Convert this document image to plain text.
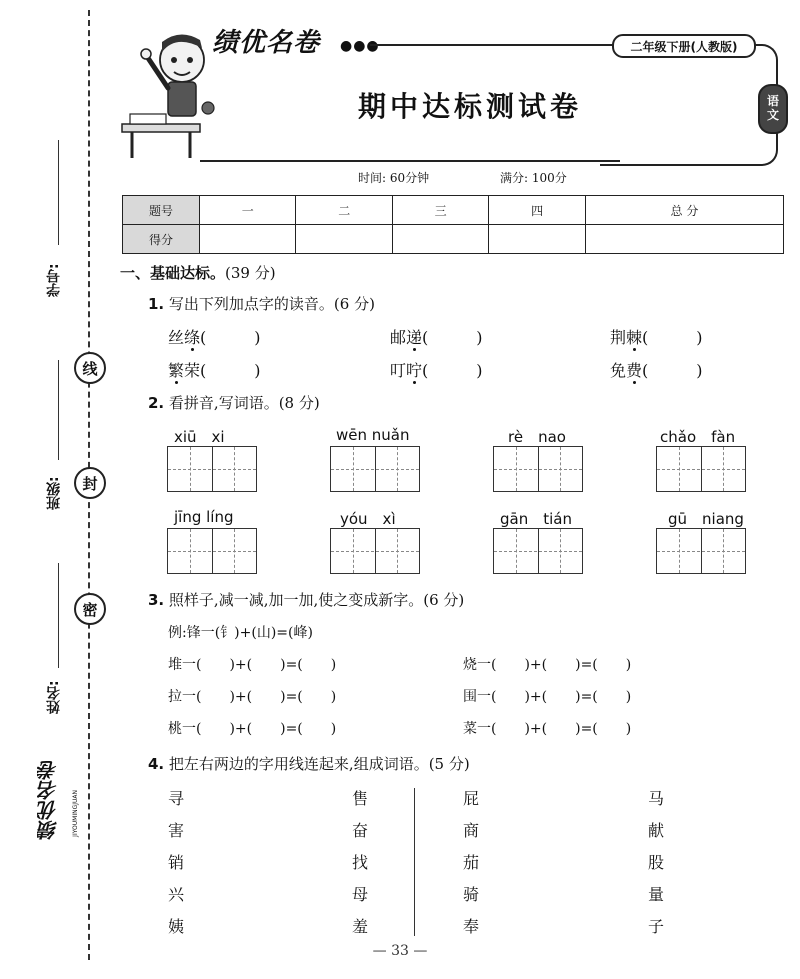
线
封
密
学号:
班级:
姓名:
绩优名卷	JIYOUMINGJUAN
绩优名卷 ●●●	二年级下册(人教版)
语
文
期中达标测试卷
时间: 60分钟	满分: 100分
题号	一	二	三	四	总 分
得分					
一、基础达标。(39 分)
1. 写出下列加点字的读音。(6 分)
丝绦(　　　)	邮递(　　　)	荆棘(　　　)
繁荣(　　　)	叮咛(　　　)	免费(　　　)
2. 看拼音,写词语。(8 分)
xiū　xi	wēn nuǎn	rè　nao	chǎo　fàn
jīng líng	yóu　xì	gān　tián	gū　niang
3. 照样子,减一减,加一加,使之变成新字。(6 分)
例:锋一(钅)+(山)=(峰)
堆一(　　)+(　　)=(　　)	烧一(　　)+(　　)=(　　)
拉一(　　)+(　　)=(　　)	围一(　　)+(　　)=(　　)
桃一(　　)+(　　)=(　　)	菜一(　　)+(　　)=(　　)
4. 把左右两边的字用线连起来,组成词语。(5 分)
寻
害
销
兴
姨
售
奋
找
母
羞
屁
商
茄
骑
奉
马
献
股
量
子
— 33 —
